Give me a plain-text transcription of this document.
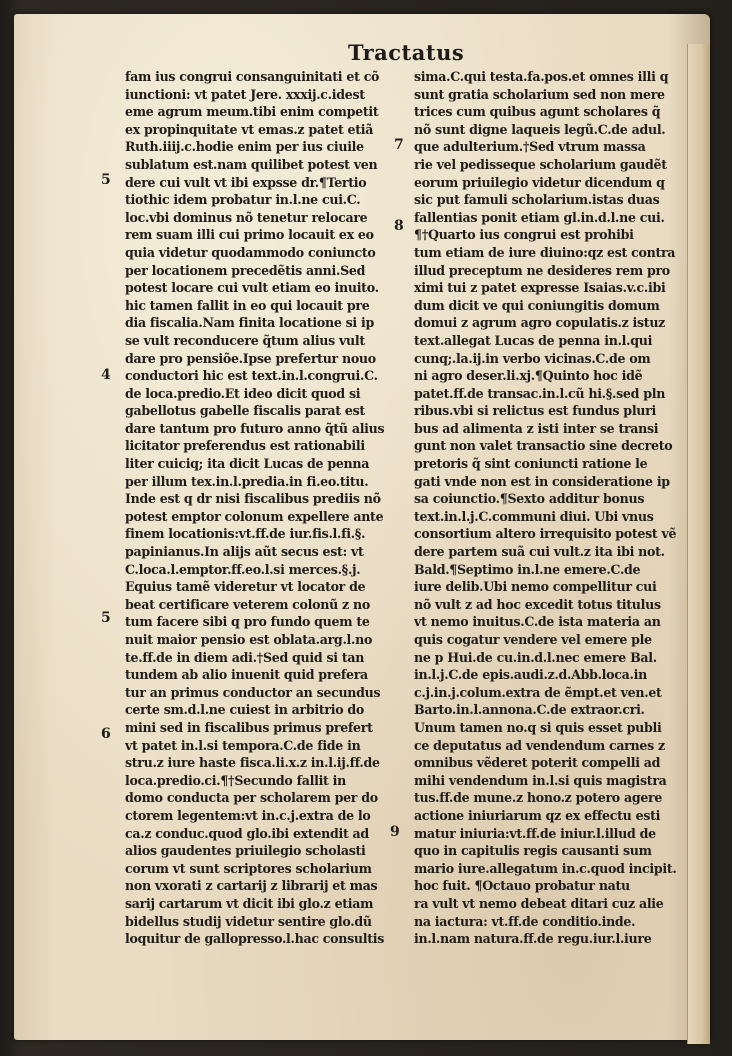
Tractatus
fam ius congrui consanguinitati et cõ
iunctioni: vt patet Jere. xxxij.c.idest
eme agrum meum.tibi enim competit
ex propinquitate vt emas.z patet etiã
Ruth.iiij.c.hodie enim per ius ciuile
sublatum est.nam quilibet potest ven
dere cui vult vt ibi expsse dr.¶Tertio
tiothic idem probatur in.l.ne cui.C.
loc.vbi dominus nõ tenetur relocare
rem suam illi cui primo locauit ex eo
quia videtur quodammodo coniuncto
per locationem precedẽtis anni.Sed
potest locare cui vult etiam eo inuito.
hic tamen fallit in eo qui locauit pre
dia fiscalia.Nam finita locatione si ip
se vult reconducere q̃tum alius vult
dare pro pensiõe.Ipse prefertur nouo
conductori hic est text.in.l.congrui.C.
de loca.predio.Et ideo dicit quod si
gabellotus gabelle fiscalis parat est
dare tantum pro futuro anno q̃tũ alius
licitator preferendus est rationabili
liter cuiciq; ita dicit Lucas de penna
per illum tex.in.l.predia.in fi.eo.titu.
Inde est q dr nisi fiscalibus prediis nõ
potest emptor colonum expellere ante
finem locationis:vt.ff.de iur.fis.l.fi.§.
papinianus.In alijs aũt secus est: vt
C.loca.l.emptor.ff.eo.l.si merces.§.j.
Equius tamẽ videretur vt locator de
beat certificare veterem colonũ z no
tum facere sibi q pro fundo quem te
nuit maior pensio est oblata.arg.l.no
te.ff.de in diem adi.†Sed quid si tan
tundem ab alio inuenit quid prefera
tur an primus conductor an secundus
certe sm.d.l.ne cuiest in arbitrio do
mini sed in fiscalibus primus prefert
vt patet in.l.si tempora.C.de fide in
stru.z iure haste fisca.li.x.z in.l.ij.ff.de
loca.predio.ci.¶†Secundo fallit in
domo conducta per scholarem per do
ctorem legentem:vt in.c.j.extra de lo
ca.z conduc.quod glo.ibi extendit ad
alios gaudentes priuilegio scholasti
corum vt sunt scriptores scholarium
non vxorati z cartarij z librarij et mas
sarij cartarum vt dicit ibi glo.z etiam
bidellus studij videtur sentire glo.dũ
loquitur de gallopresso.l.hac consultis
sima.C.qui testa.fa.pos.et omnes illi q
sunt gratia scholarium sed non mere
trices cum quibus agunt scholares q̃
nõ sunt digne laqueis legũ.C.de adul.
que adulterium.†Sed vtrum massa
rie vel pedisseque scholarium gaudẽt
eorum priuilegio videtur dicendum q
sic put famuli scholarium.istas duas
fallentias ponit etiam gl.in.d.l.ne cui.
¶†Quarto ius congrui est prohibi
tum etiam de iure diuino:qz est contra
illud preceptum ne desideres rem pro
ximi tui z patet expresse Isaias.v.c.ibi
dum dicit ve qui coniungitis domum
domui z agrum agro copulatis.z istuz
text.allegat Lucas de penna in.l.qui
cunq;.la.ij.in verbo vicinas.C.de om
ni agro deser.li.xj.¶Quinto hoc idẽ
patet.ff.de transac.in.l.cũ hi.§.sed pln
ribus.vbi si relictus est fundus pluri
bus ad alimenta z isti inter se transi
gunt non valet transactio sine decreto
pretoris q̃ sint coniuncti ratione le
gati vnde non est in consideratione ip
sa coiunctio.¶Sexto additur bonus
text.in.l.j.C.communi diui. Ubi vnus
consortium altero irrequisito potest vẽ
dere partem suã cui vult.z ita ibi not.
Bald.¶Septimo in.l.ne emere.C.de
iure delib.Ubi nemo compellitur cui
nõ vult z ad hoc excedit totus titulus
vt nemo inuitus.C.de ista materia an
quis cogatur vendere vel emere ple
ne p Hui.de cu.in.d.l.nec emere Bal.
in.l.j.C.de epis.audi.z.d.Abb.loca.in
c.j.in.j.colum.extra de ẽmpt.et ven.et
Barto.in.l.annona.C.de extraor.cri.
Unum tamen no.q si quis esset publi
ce deputatus ad vendendum carnes z
omnibus vẽderet poterit compelli ad
mihi vendendum in.l.si quis magistra
tus.ff.de mune.z hono.z potero agere
actione iniuriarum qz ex effectu esti
matur iniuria:vt.ff.de iniur.l.illud de
quo in capitulis regis causanti sum
mario iure.allegatum in.c.quod incipit.
hoc fuit. ¶Octauo probatur natu
ra vult vt nemo debeat ditari cuz alie
na iactura: vt.ff.de conditio.inde.
in.l.nam natura.ff.de regu.iur.l.iure
5
7
8
4
5
6
9
